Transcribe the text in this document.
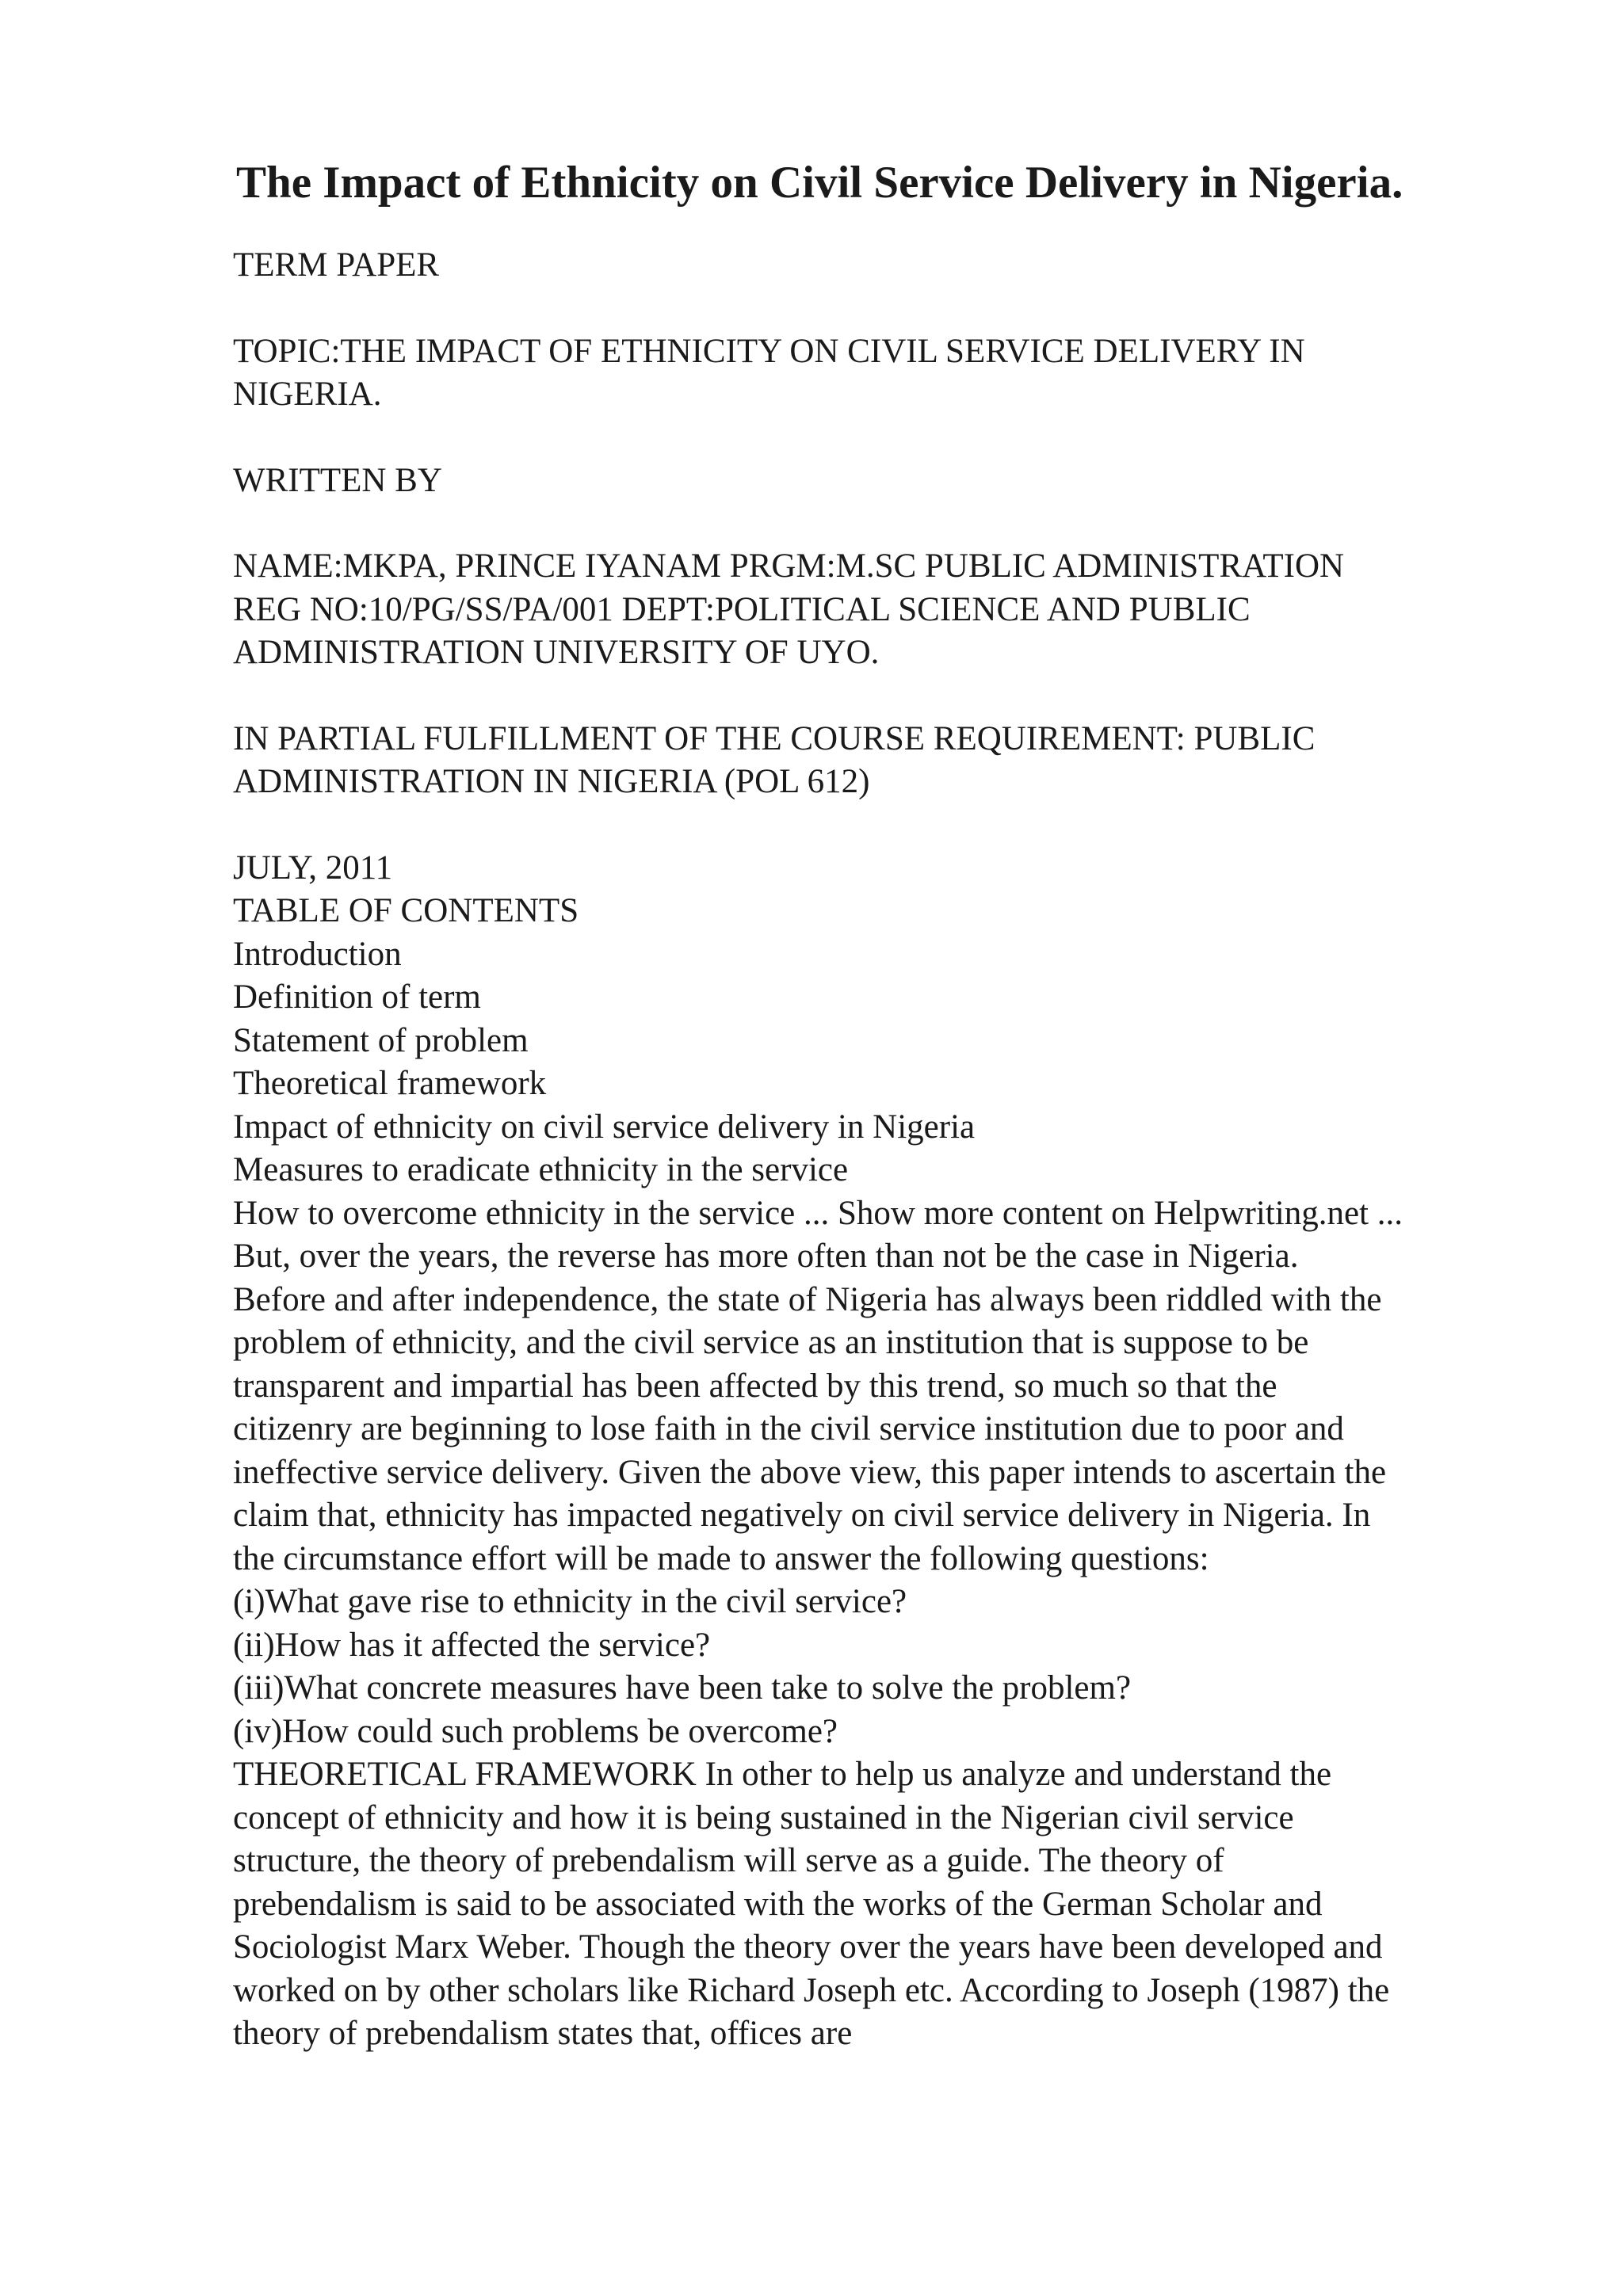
The Impact of Ethnicity on Civil Service Delivery in Nigeria.
TERM PAPER
TOPIC:THE IMPACT OF ETHNICITY ON CIVIL SERVICE DELIVERY IN
NIGERIA.
WRITTEN BY
NAME:MKPA, PRINCE IYANAM PRGM:M.SC PUBLIC ADMINISTRATION
REG NO:10/PG/SS/PA/001 DEPT:POLITICAL SCIENCE AND PUBLIC
ADMINISTRATION UNIVERSITY OF UYO.
IN PARTIAL FULFILLMENT OF THE COURSE REQUIREMENT: PUBLIC
ADMINISTRATION IN NIGERIA (POL 612)
JULY, 2011
TABLE OF CONTENTS
Introduction
Definition of term
Statement of problem
Theoretical framework
Impact of ethnicity on civil service delivery in Nigeria
Measures to eradicate ethnicity in the service
How to overcome ethnicity in the service ... Show more content on Helpwriting.net ...
But, over the years, the reverse has more often than not be the case in Nigeria.
Before and after independence, the state of Nigeria has always been riddled with the
problem of ethnicity, and the civil service as an institution that is suppose to be
transparent and impartial has been affected by this trend, so much so that the
citizenry are beginning to lose faith in the civil service institution due to poor and
ineffective service delivery. Given the above view, this paper intends to ascertain the
claim that, ethnicity has impacted negatively on civil service delivery in Nigeria. In
the circumstance effort will be made to answer the following questions:
(i)What gave rise to ethnicity in the civil service?
(ii)How has it affected the service?
(iii)What concrete measures have been take to solve the problem?
(iv)How could such problems be overcome?
THEORETICAL FRAMEWORK In other to help us analyze and understand the
concept of ethnicity and how it is being sustained in the Nigerian civil service
structure, the theory of prebendalism will serve as a guide. The theory of
prebendalism is said to be associated with the works of the German Scholar and
Sociologist Marx Weber. Though the theory over the years have been developed and
worked on by other scholars like Richard Joseph etc. According to Joseph (1987) the
theory of prebendalism states that, offices are
